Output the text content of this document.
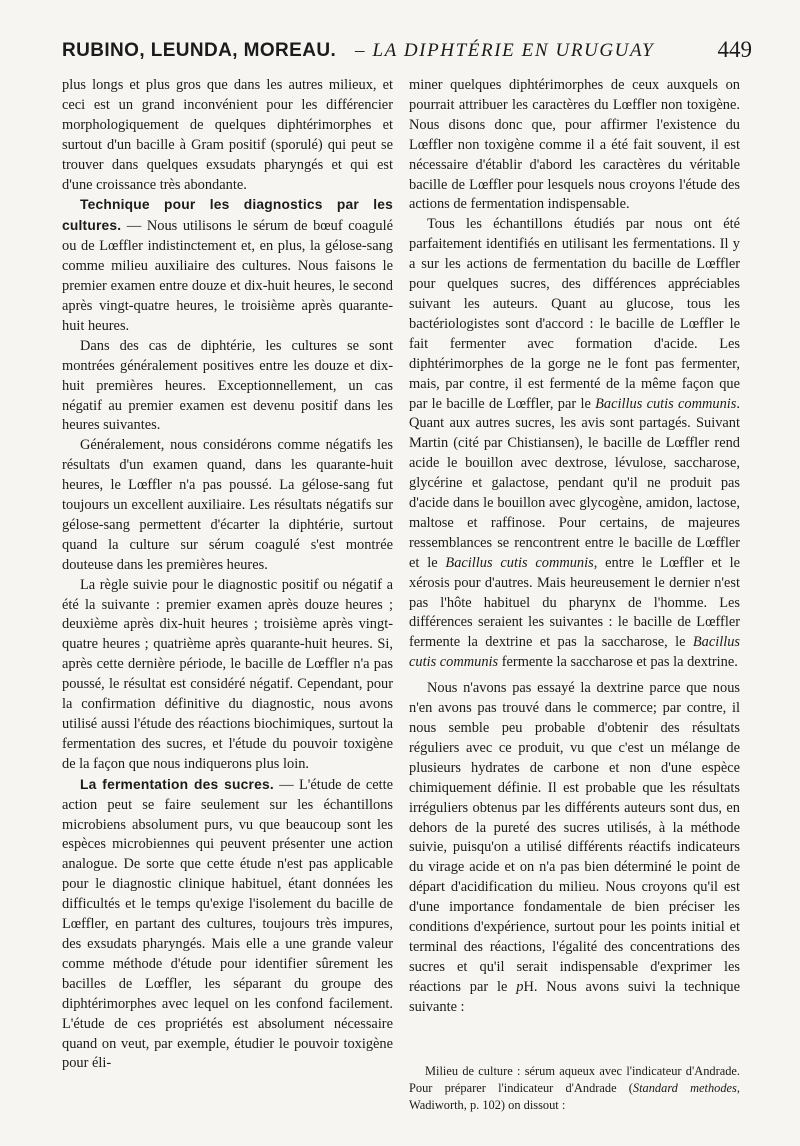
RUBINO, LEUNDA, MOREAU. – LA DIPHTÉRIE EN URUGUAY	449

plus longs et plus gros que dans les autres milieux, et ceci est un grand inconvénient pour les différencier morphologiquement de quelques diphtérimorphes et surtout d'un bacille à Gram positif (sporulé) qui peut se trouver dans quelques exsudats pharyngés et qui est d'une croissance très abondante.

Technique pour les diagnostics par les cultures. — Nous utilisons le sérum de bœuf coagulé ou de Lœffler indistinctement et, en plus, la gélose-sang comme milieu auxiliaire des cultures. Nous faisons le premier examen entre douze et dix-huit heures, le second après vingt-quatre heures, le troisième après quarante-huit heures.

Dans des cas de diphtérie, les cultures se sont montrées généralement positives entre les douze et dix-huit premières heures. Exceptionnellement, un cas négatif au premier examen est devenu positif dans les heures suivantes.

Généralement, nous considérons comme négatifs les résultats d'un examen quand, dans les quarante-huit heures, le Lœffler n'a pas poussé. La gélose-sang fut toujours un excellent auxiliaire. Les résultats négatifs sur gélose-sang permettent d'écarter la diphtérie, surtout quand la culture sur sérum coagulé s'est montrée douteuse dans les premières heures.

La règle suivie pour le diagnostic positif ou négatif a été la suivante : premier examen après douze heures ; deuxième après dix-huit heures ; troisième après vingt-quatre heures ; quatrième après quarante-huit heures. Si, après cette dernière période, le bacille de Lœffler n'a pas poussé, le résultat est considéré négatif. Cependant, pour la confirmation définitive du diagnostic, nous avons utilisé aussi l'étude des réactions biochimiques, surtout la fermentation des sucres, et l'étude du pouvoir toxigène de la façon que nous indiquerons plus loin.

La fermentation des sucres. — L'étude de cette action peut se faire seulement sur les échantillons microbiens absolument purs, vu que beaucoup sont les espèces microbiennes qui peuvent présenter une action analogue. De sorte que cette étude n'est pas applicable pour le diagnostic clinique habituel, étant données les difficultés et le temps qu'exige l'isolement du bacille de Lœffler, en partant des cultures, toujours très impures, des exsudats pharyngés. Mais elle a une grande valeur comme méthode d'étude pour identifier sûrement les bacilles de Lœffler, les séparant du groupe des diphtérimorphes avec lequel on les confond facilement. L'étude de ces propriétés est absolument nécessaire quand on veut, par exemple, étudier le pouvoir toxigène pour éli-

miner quelques diphtérimorphes de ceux auxquels on pourrait attribuer les caractères du Lœffler non toxigène. Nous disons donc que, pour affirmer l'existence du Lœffler non toxigène comme il a été fait souvent, il est nécessaire d'établir d'abord les caractères du véritable bacille de Lœffler pour lesquels nous croyons l'étude des actions de fermentation indispensable.

Tous les échantillons étudiés par nous ont été parfaitement identifiés en utilisant les fermentations. Il y a sur les actions de fermentation du bacille de Lœffler pour quelques sucres, des différences appréciables suivant les auteurs. Quant au glucose, tous les bactériologistes sont d'accord : le bacille de Lœffler le fait fermenter avec formation d'acide. Les diphtérimorphes de la gorge ne le font pas fermenter, mais, par contre, il est fermenté de la même façon que par le bacille de Lœffler, par le Bacillus cutis communis. Quant aux autres sucres, les avis sont partagés. Suivant Martin (cité par Chistiansen), le bacille de Lœffler rend acide le bouillon avec dextrose, lévulose, saccharose, glycérine et galactose, pendant qu'il ne produit pas d'acide dans le bouillon avec glycogène, amidon, lactose, maltose et raffinose. Pour certains, de majeures ressemblances se rencontrent entre le bacille de Lœffler et le Bacillus cutis communis, entre le Lœffler et le xérosis pour d'autres. Mais heureusement le dernier n'est pas l'hôte habituel du pharynx de l'homme. Les différences seraient les suivantes : le bacille de Lœffler fermente la dextrine et pas la saccharose, le Bacillus cutis communis fermente la saccharose et pas la dextrine.

Nous n'avons pas essayé la dextrine parce que nous n'en avons pas trouvé dans le commerce; par contre, il nous semble peu probable d'obtenir des résultats réguliers avec ce produit, vu que c'est un mélange de plusieurs hydrates de carbone et non d'une espèce chimiquement définie. Il est probable que les résultats irréguliers obtenus par les différents auteurs sont dus, en dehors de la pureté des sucres utilisés, à la méthode suivie, puisqu'on a utilisé différents réactifs indicateurs du virage acide et on n'a pas bien déterminé le point de départ d'acidification du milieu. Nous croyons qu'il est d'une importance fondamentale de bien préciser les conditions d'expérience, surtout pour les points initial et terminal des réactions, l'égalité des concentrations des sucres et qu'il serait indispensable d'exprimer les réactions par le pH. Nous avons suivi la technique suivante :

Milieu de culture : sérum aqueux avec l'indicateur d'Andrade. Pour préparer l'indicateur d'Andrade (Standard methodes, Wadiworth, p. 102) on dissout :
